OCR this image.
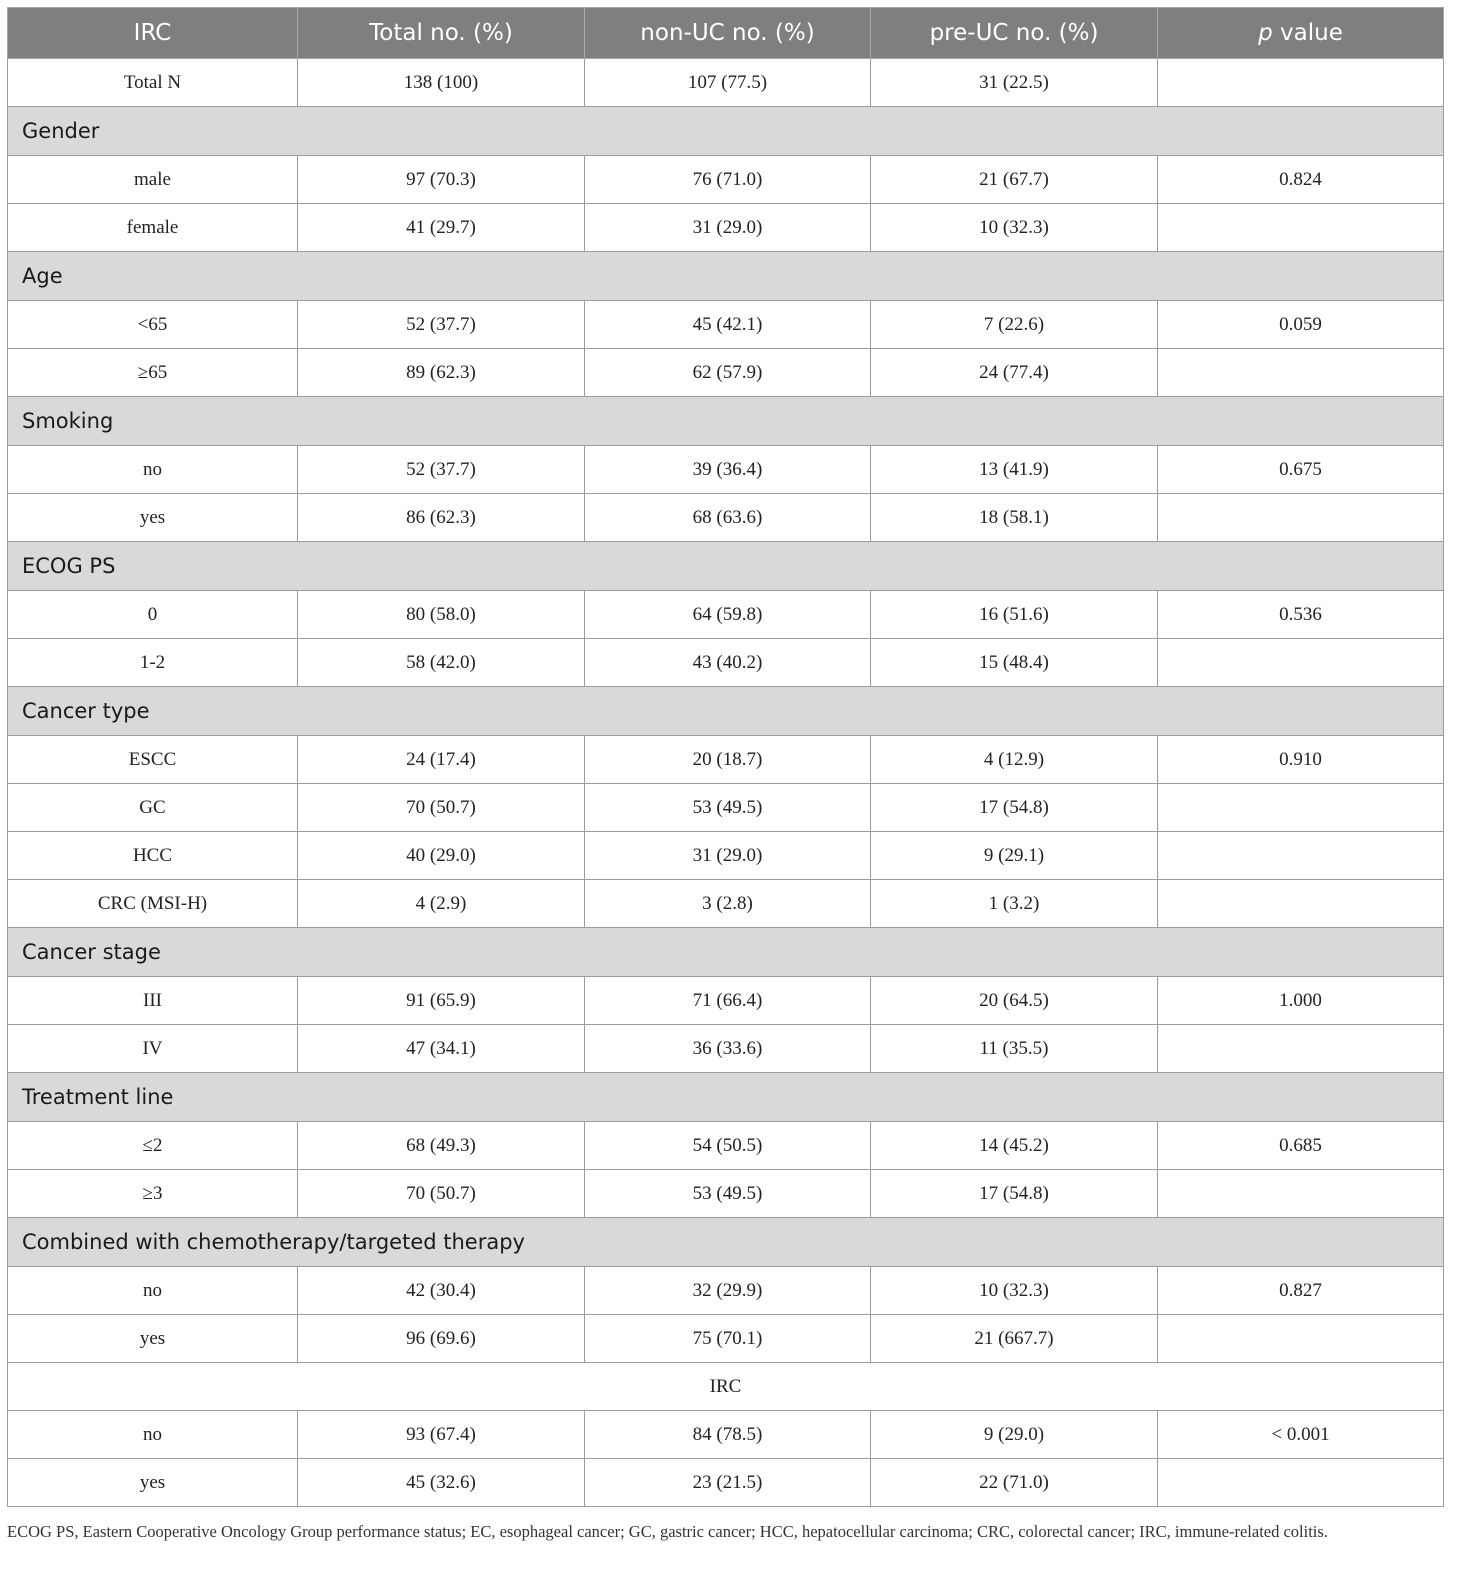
IRC	Total no. (%)	non-UC no. (%)	pre-UC no. (%)	p value
Total N	138 (100)	107 (77.5)	31 (22.5)	
Gender				
male	97 (70.3)	76 (71.0)	21 (67.7)	0.824
female	41 (29.7)	31 (29.0)	10 (32.3)	
Age				
<65	52 (37.7)	45 (42.1)	7 (22.6)	0.059
≥65	89 (62.3)	62 (57.9)	24 (77.4)	
Smoking				
no	52 (37.7)	39 (36.4)	13 (41.9)	0.675
yes	86 (62.3)	68 (63.6)	18 (58.1)	
ECOG PS				
0	80 (58.0)	64 (59.8)	16 (51.6)	0.536
1-2	58 (42.0)	43 (40.2)	15 (48.4)	
Cancer type				
ESCC	24 (17.4)	20 (18.7)	4 (12.9)	0.910
GC	70 (50.7)	53 (49.5)	17 (54.8)	
HCC	40 (29.0)	31 (29.0)	9 (29.1)	
CRC (MSI-H)	4 (2.9)	3 (2.8)	1 (3.2)	
Cancer stage				
III	91 (65.9)	71 (66.4)	20 (64.5)	1.000
IV	47 (34.1)	36 (33.6)	11 (35.5)	
Treatment line				
≤2	68 (49.3)	54 (50.5)	14 (45.2)	0.685
≥3	70 (50.7)	53 (49.5)	17 (54.8)	
Combined with chemotherapy/targeted therapy				
no	42 (30.4)	32 (29.9)	10 (32.3)	0.827
yes	96 (69.6)	75 (70.1)	21 (667.7)	
IRC				
no	93 (67.4)	84 (78.5)	9 (29.0)	< 0.001
yes	45 (32.6)	23 (21.5)	22 (71.0)	
ECOG PS, Eastern Cooperative Oncology Group performance status; EC, esophageal cancer; GC, gastric cancer; HCC, hepatocellular carcinoma; CRC, colorectal cancer; IRC, immune-related colitis.
